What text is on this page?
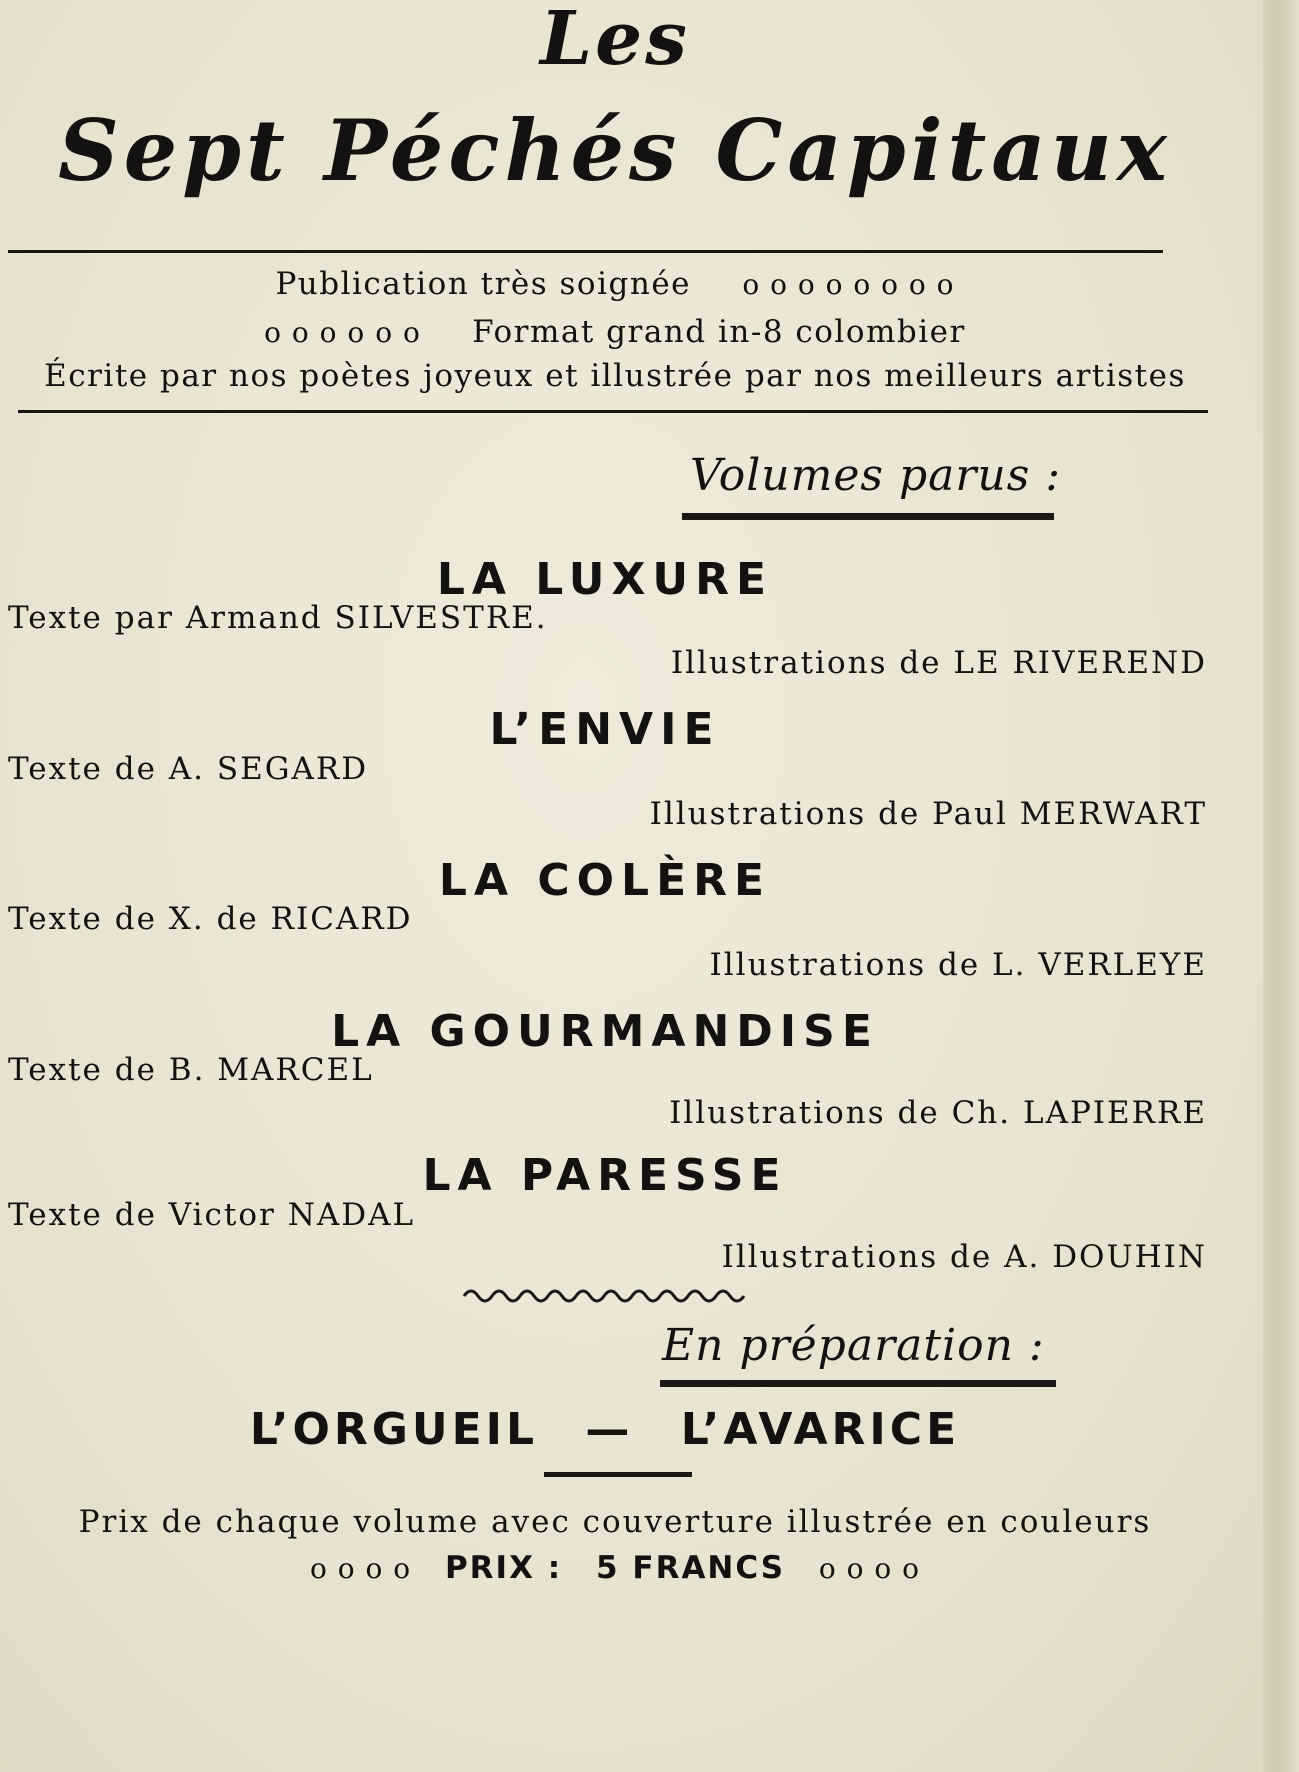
Les
Sept Péchés Capitaux
Publication très soignée o o o o o o o o
o o o o o o Format grand in-8 colombier
Écrite par nos poètes joyeux et illustrée par nos meilleurs artistes
Volumes parus :
LA LUXURE
Texte par Armand SILVESTRE.
Illustrations de LE RIVEREND
L’ENVIE
Texte de A. SEGARD
Illustrations de Paul MERWART
LA COLÈRE
Texte de X. de RICARD
Illustrations de L. VERLEYE
LA GOURMANDISE
Texte de B. MARCEL
Illustrations de Ch. LAPIERRE
LA PARESSE
Texte de Victor NADAL
Illustrations de A. DOUHIN
En préparation :
L’ORGUEIL — L’AVARICE
Prix de chaque volume avec couverture illustrée en couleurs
o o o o PRIX : 5 FRANCS o o o o
